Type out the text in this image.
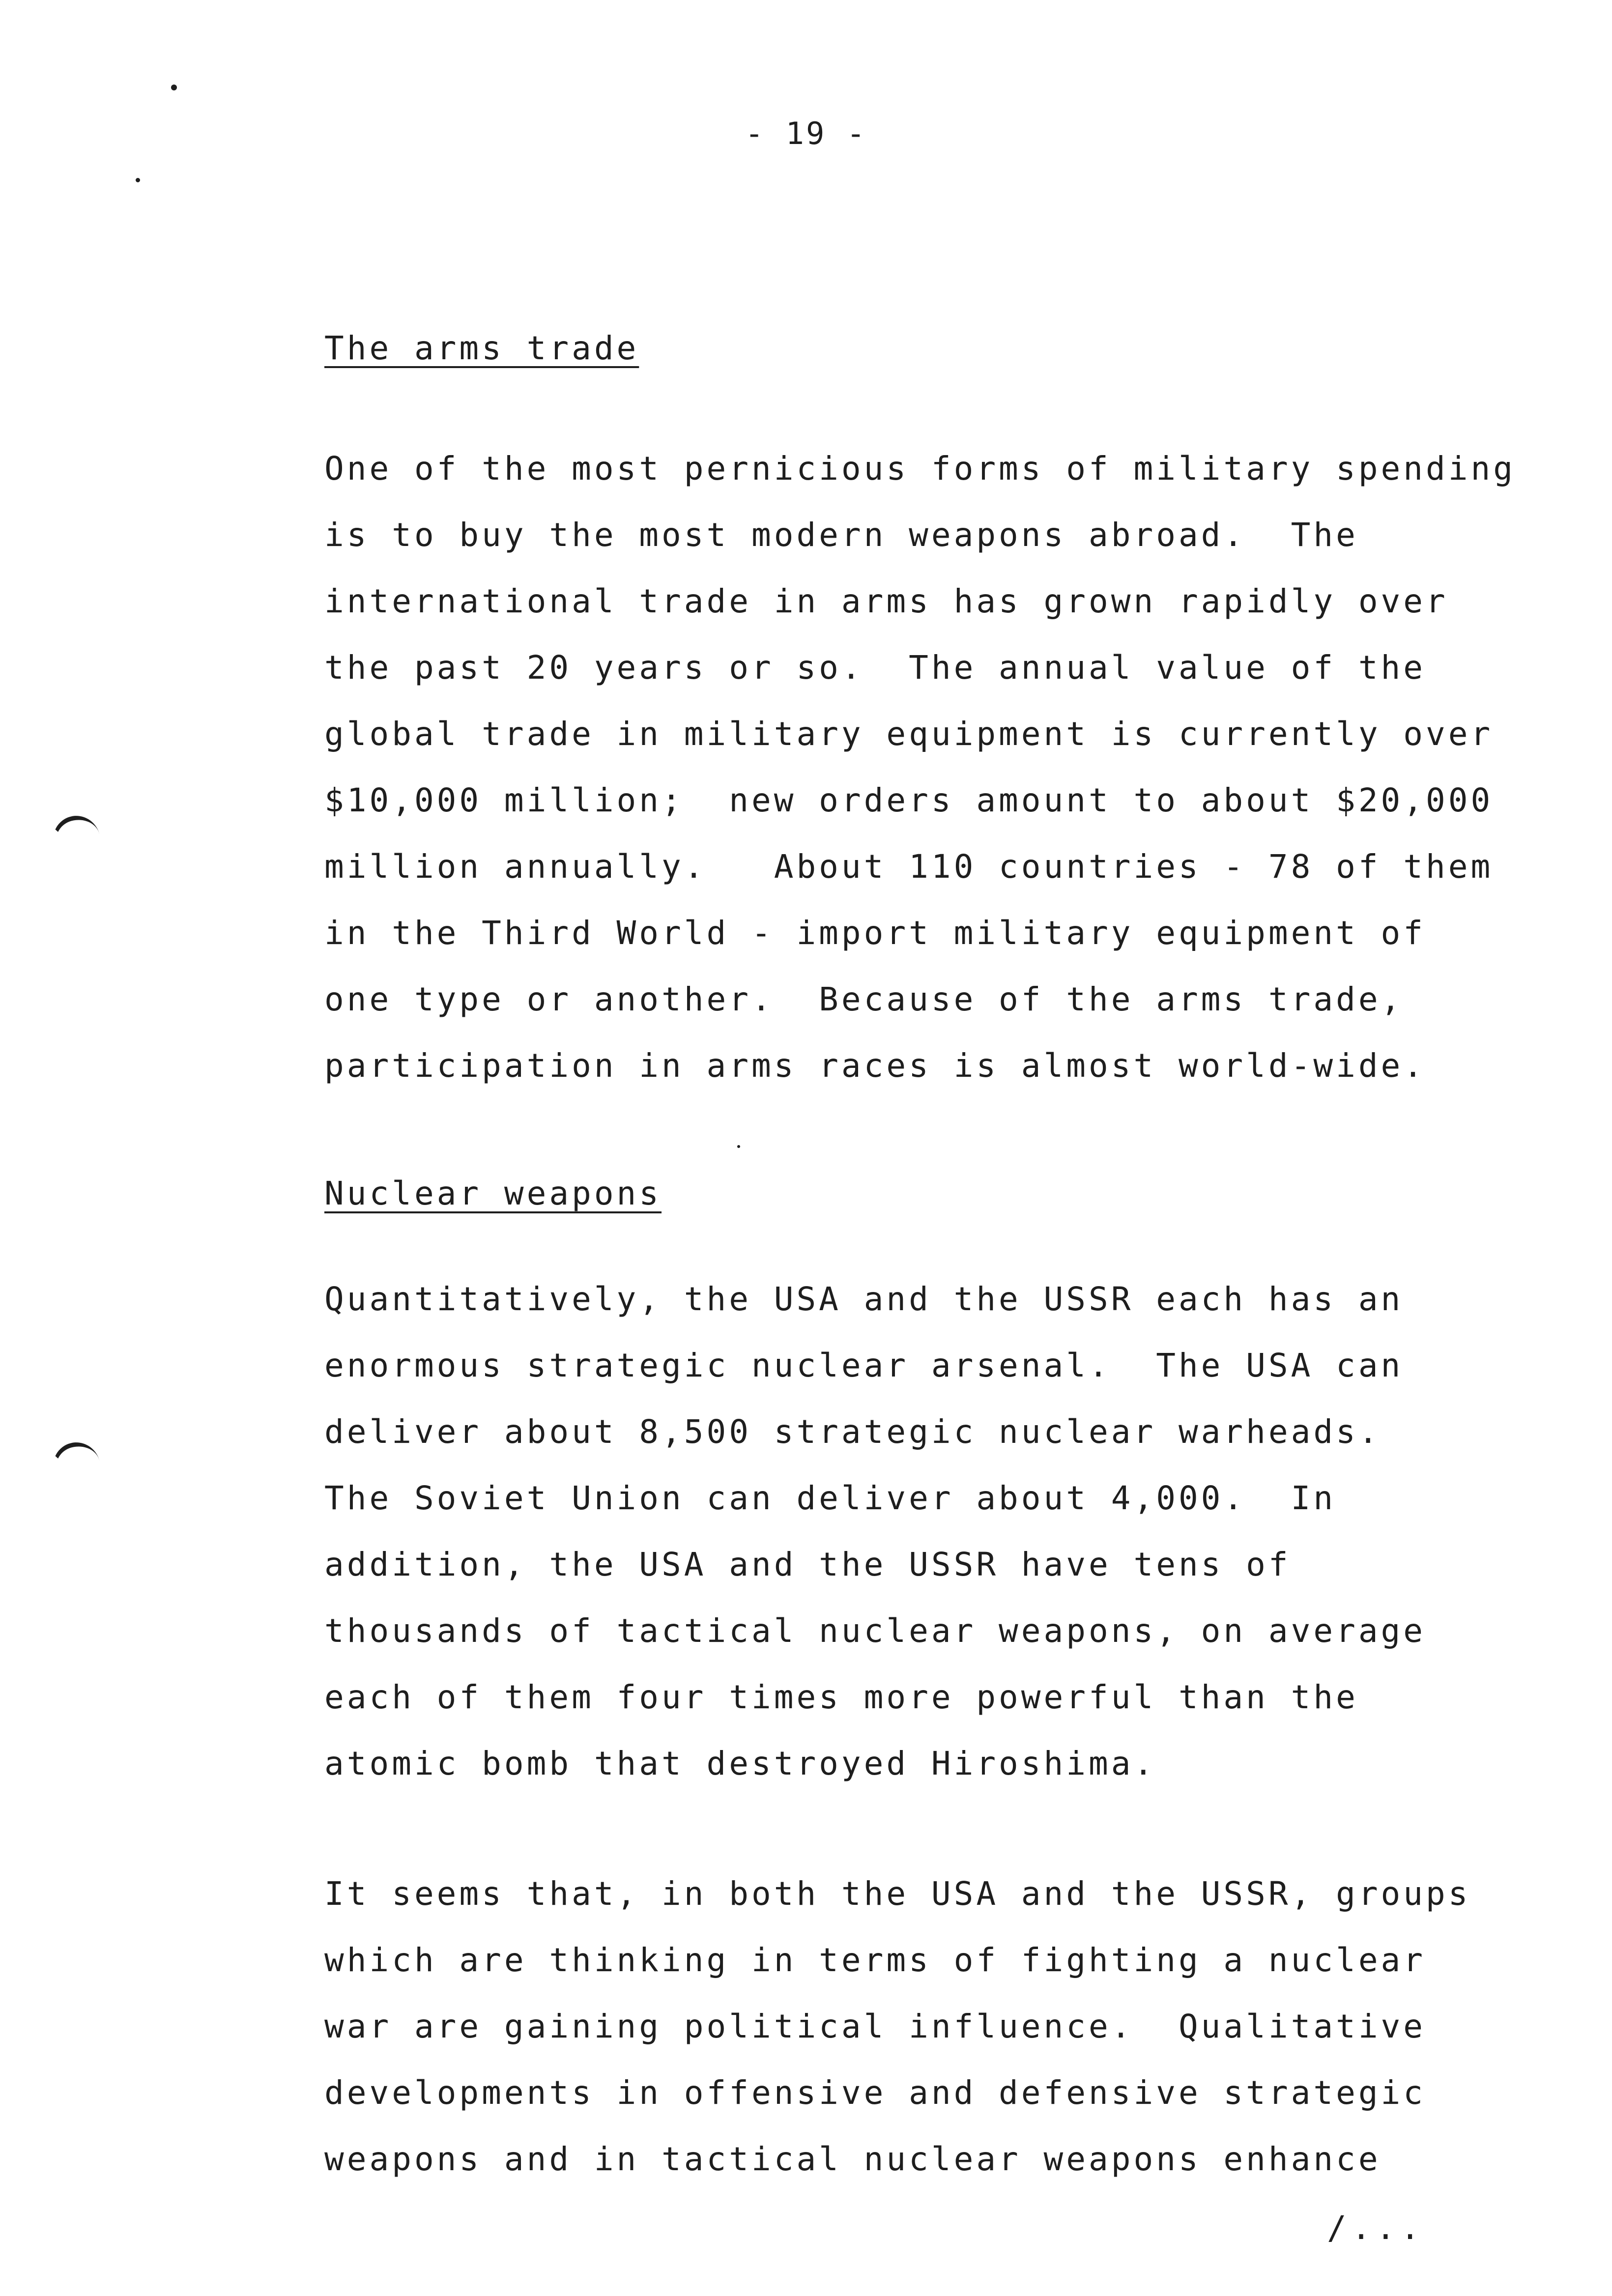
- 19 -
The arms trade
One of the most pernicious forms of military spending
is to buy the most modern weapons abroad.  The
international trade in arms has grown rapidly over
the past 20 years or so.  The annual value of the
global trade in military equipment is currently over
$10,000 million;  new orders amount to about $20,000
million annually.   About 110 countries - 78 of them
in the Third World - import military equipment of
one type or another.  Because of the arms trade,
participation in arms races is almost world-wide.
Nuclear weapons
Quantitatively, the USA and the USSR each has an
enormous strategic nuclear arsenal.  The USA can
deliver about 8,500 strategic nuclear warheads.
The Soviet Union can deliver about 4,000.  In
addition, the USA and the USSR have tens of
thousands of tactical nuclear weapons, on average
each of them four times more powerful than the
atomic bomb that destroyed Hiroshima.
It seems that, in both the USA and the USSR, groups
which are thinking in terms of fighting a nuclear
war are gaining political influence.  Qualitative
developments in offensive and defensive strategic
weapons and in tactical nuclear weapons enhance
/...
